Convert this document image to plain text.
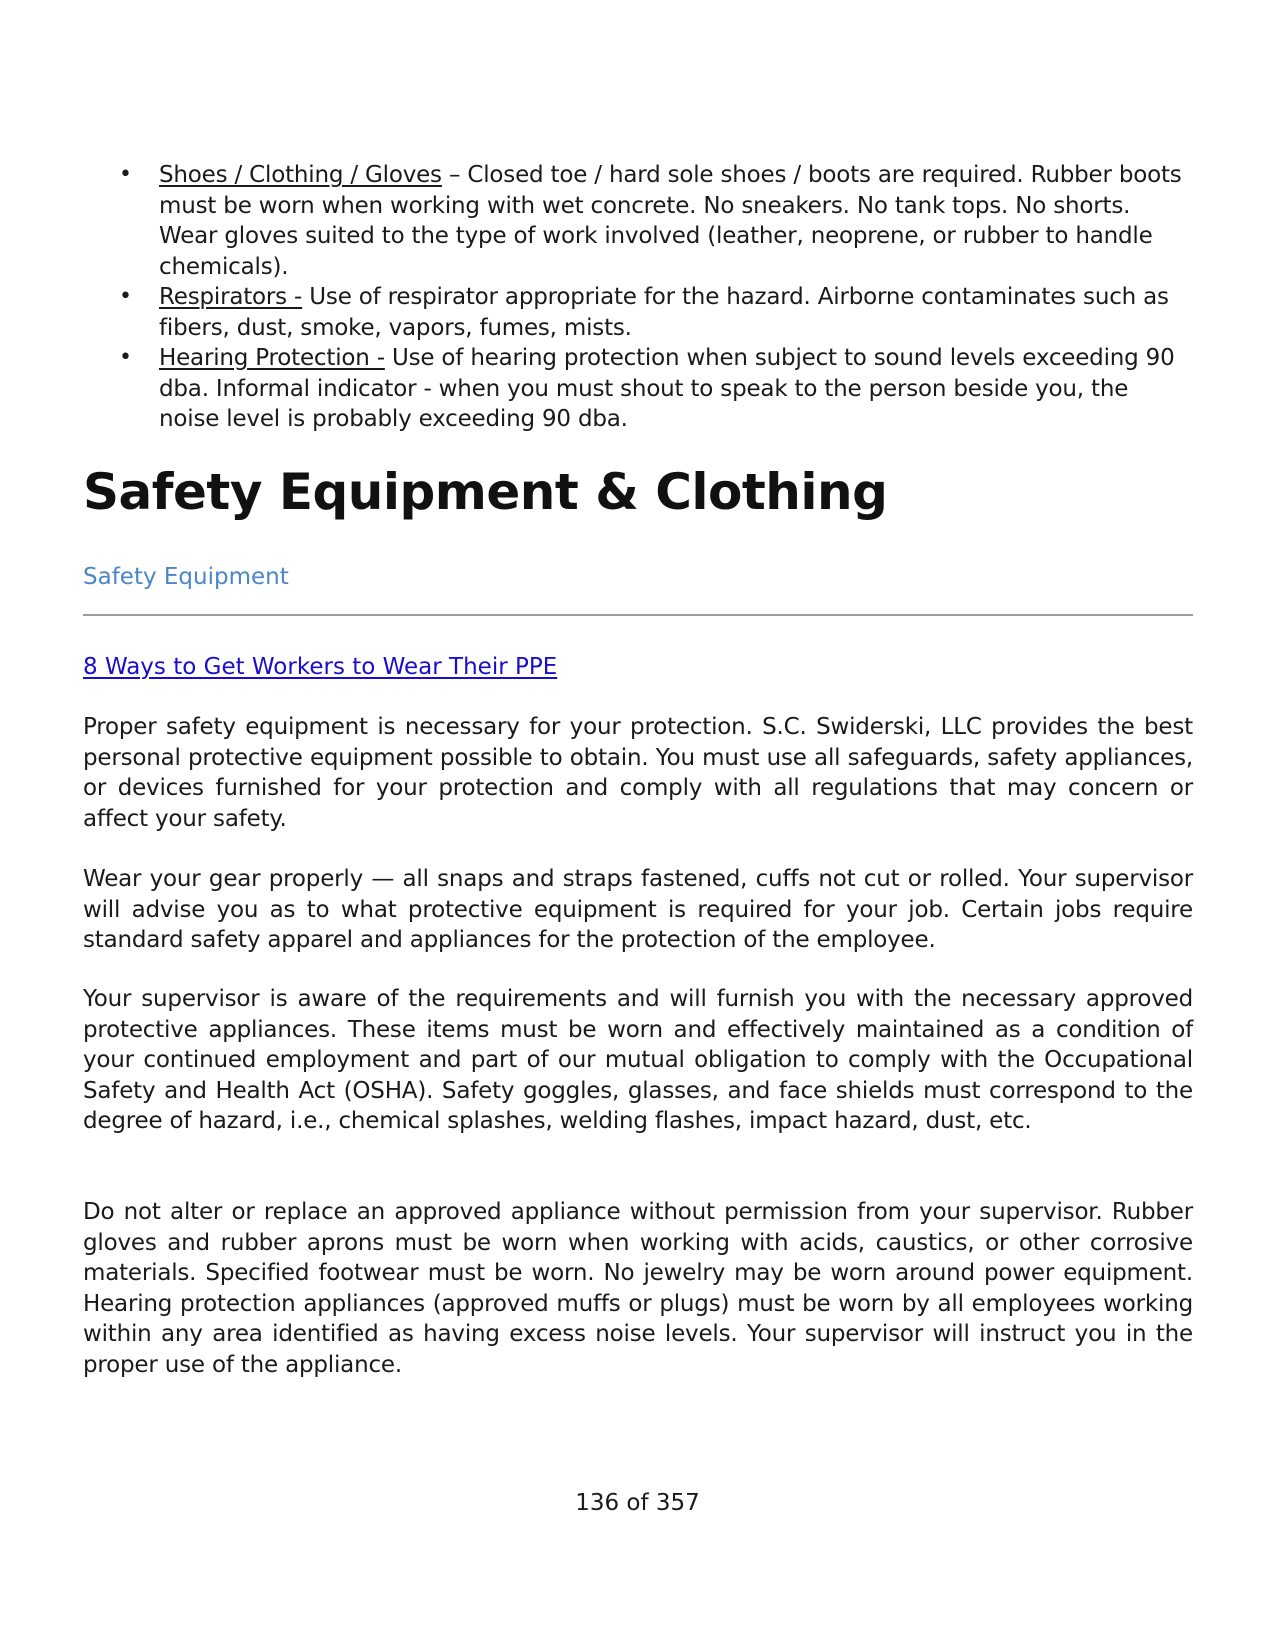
• Shoes / Clothing / Gloves – Closed toe / hard sole shoes / boots are required. Rubber boots must be worn when working with wet concrete. No sneakers. No tank tops. No shorts. Wear gloves suited to the type of work involved (leather, neoprene, or rubber to handle chemicals).
• Respirators - Use of respirator appropriate for the hazard. Airborne contaminates such as fibers, dust, smoke, vapors, fumes, mists.
• Hearing Protection - Use of hearing protection when subject to sound levels exceeding 90 dba. Informal indicator - when you must shout to speak to the person beside you, the noise level is probably exceeding 90 dba.
Safety Equipment & Clothing
Safety Equipment
8 Ways to Get Workers to Wear Their PPE

Proper safety equipment is necessary for your protection. S.C. Swiderski, LLC provides the best personal protective equipment possible to obtain. You must use all safeguards, safety appliances, or devices furnished for your protection and comply with all regulations that may concern or affect your safety.

Wear your gear properly — all snaps and straps fastened, cuffs not cut or rolled. Your supervisor will advise you as to what protective equipment is required for your job. Certain jobs require standard safety apparel and appliances for the protection of the employee.

Your supervisor is aware of the requirements and will furnish you with the necessary approved protective appliances. These items must be worn and effectively maintained as a condition of your continued employment and part of our mutual obligation to comply with the Occupational Safety and Health Act (OSHA). Safety goggles, glasses, and face shields must correspond to the degree of hazard, i.e., chemical splashes, welding flashes, impact hazard, dust, etc.

Do not alter or replace an approved appliance without permission from your supervisor. Rubber gloves and rubber aprons must be worn when working with acids, caustics, or other corrosive materials. Specified footwear must be worn. No jewelry may be worn around power equipment. Hearing protection appliances (approved muffs or plugs) must be worn by all employees working within any area identified as having excess noise levels. Your supervisor will instruct you in the proper use of the appliance.

136 of 357
